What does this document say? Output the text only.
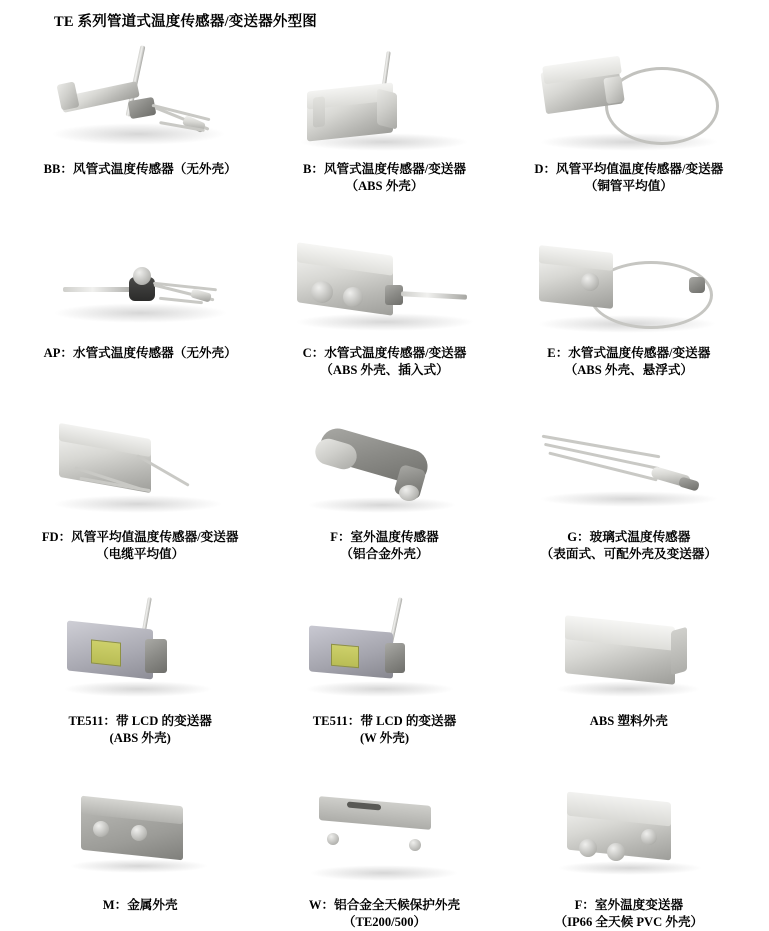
TE 系列管道式温度传感器/变送器外型图
BB：风管式温度传感器（无外壳）	B：风管式温度传感器/变送器
（ABS 外壳）
D：风管平均值温度传感器/变送器
（铜管平均值）
AP：水管式温度传感器（无外壳）	C：水管式温度传感器/变送器
（ABS 外壳、插入式）
E：水管式温度传感器/变送器
（ABS 外壳、悬浮式）
FD：风管平均值温度传感器/变送器
（电缆平均值）
F：室外温度传感器
（铝合金外壳）
G：玻璃式温度传感器
（表面式、可配外壳及变送器）
TE511：带 LCD 的变送器
(ABS 外壳)
TE511：带 LCD 的变送器
(W 外壳)
ABS 塑料外壳
M：金属外壳	W：铝合金全天候保护外壳
（TE200/500）
F：室外温度变送器
（IP66 全天候 PVC 外壳）
